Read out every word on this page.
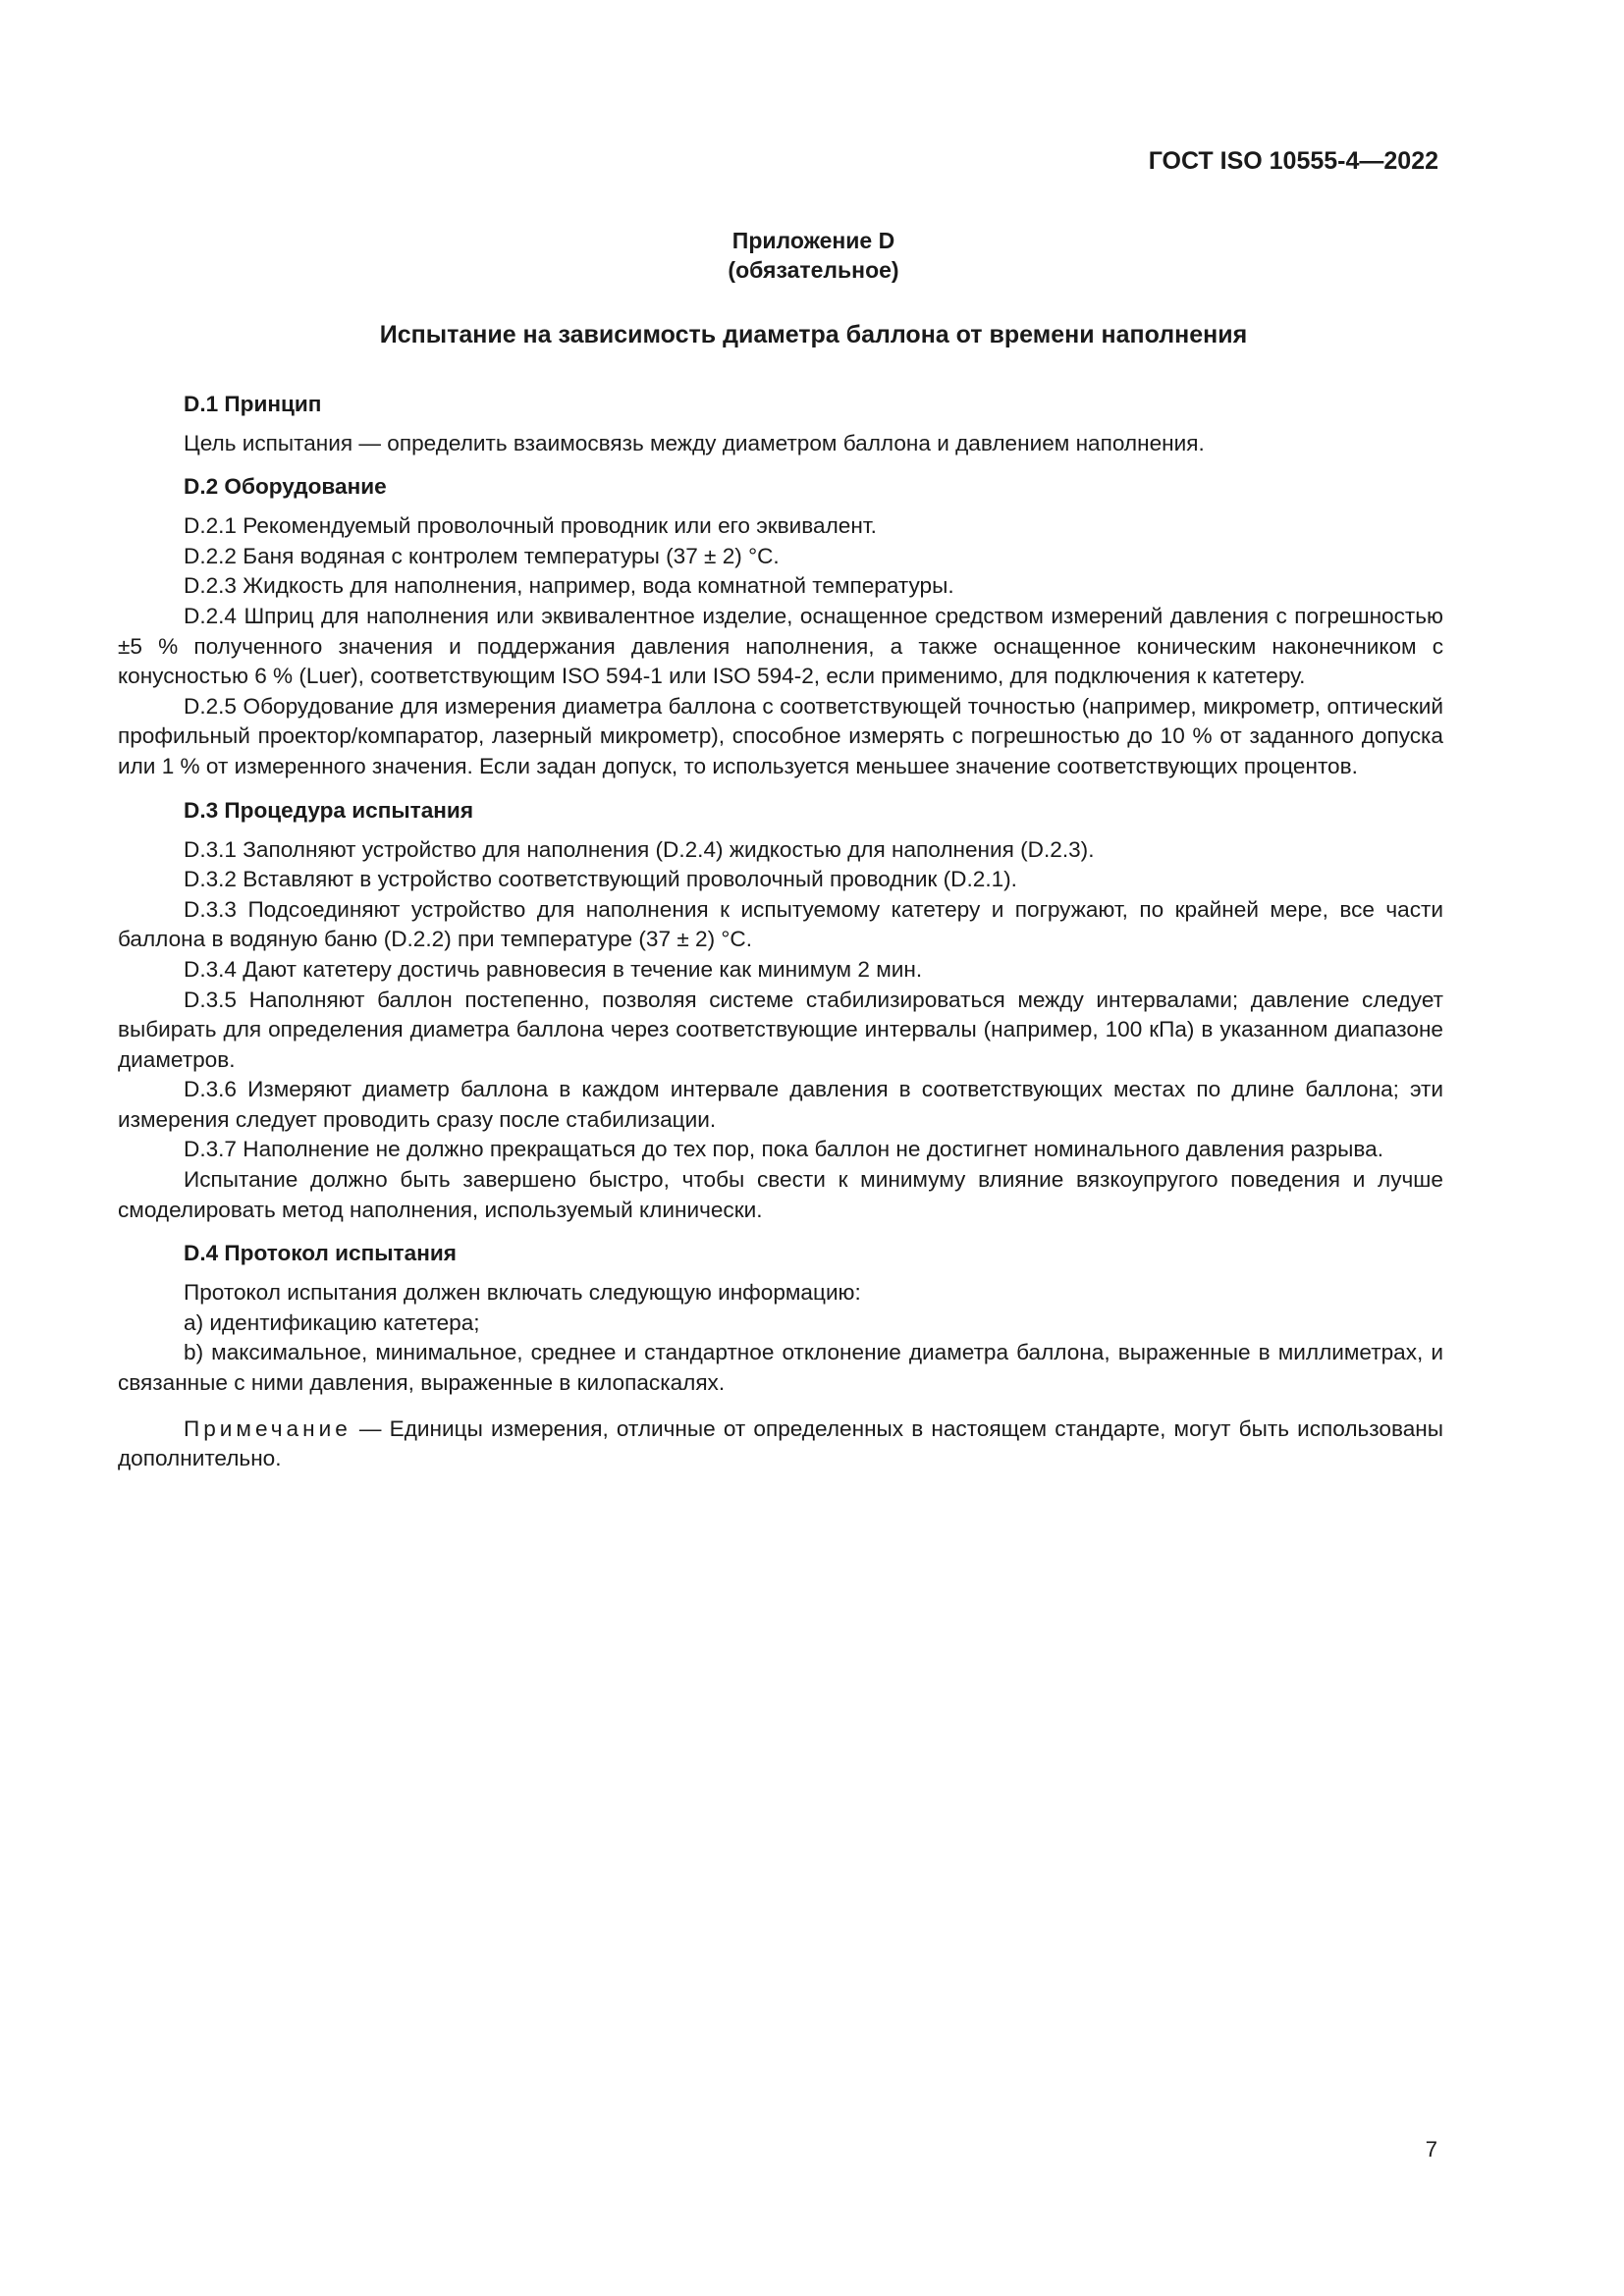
ГОСТ ISO 10555-4—2022

Приложение D

(обязательное)

Испытание на зависимость диаметра баллона от времени наполнения

D.1 Принцип

Цель испытания — определить взаимосвязь между диаметром баллона и давлением наполнения.

D.2 Оборудование

D.2.1 Рекомендуемый проволочный проводник или его эквивалент.

D.2.2 Баня водяная с контролем температуры (37 ± 2) °С.

D.2.3 Жидкость для наполнения, например, вода комнатной температуры.

D.2.4 Шприц для наполнения или эквивалентное изделие, оснащенное средством измерений давления с погрешностью ±5 % полученного значения и поддержания давления наполнения, а также оснащенное коническим наконечником с конусностью 6 % (Luer), соответствующим ISO 594-1 или ISO 594-2, если применимо, для подключения к катетеру.

D.2.5 Оборудование для измерения диаметра баллона с соответствующей точностью (например, микрометр, оптический профильный проектор/компаратор, лазерный микрометр), способное измерять с погрешностью до 10 % от заданного допуска или 1 % от измеренного значения. Если задан допуск, то используется меньшее значение соответствующих процентов.

D.3 Процедура испытания

D.3.1 Заполняют устройство для наполнения (D.2.4) жидкостью для наполнения (D.2.3).

D.3.2 Вставляют в устройство соответствующий проволочный проводник (D.2.1).

D.3.3 Подсоединяют устройство для наполнения к испытуемому катетеру и погружают, по крайней мере, все части баллона в водяную баню (D.2.2) при температуре (37 ± 2) °С.

D.3.4 Дают катетеру достичь равновесия в течение как минимум 2 мин.

D.3.5 Наполняют баллон постепенно, позволяя системе стабилизироваться между интервалами; давление следует выбирать для определения диаметра баллона через соответствующие интервалы (например, 100 кПа) в указанном диапазоне диаметров.

D.3.6 Измеряют диаметр баллона в каждом интервале давления в соответствующих местах по длине баллона; эти измерения следует проводить сразу после стабилизации.

D.3.7 Наполнение не должно прекращаться до тех пор, пока баллон не достигнет номинального давления разрыва.

Испытание должно быть завершено быстро, чтобы свести к минимуму влияние вязкоупругого поведения и лучше смоделировать метод наполнения, используемый клинически.

D.4 Протокол испытания

Протокол испытания должен включать следующую информацию:

a) идентификацию катетера;

b) максимальное, минимальное, среднее и стандартное отклонение диаметра баллона, выраженные в миллиметрах, и связанные с ними давления, выраженные в килопаскалях.

Примечание — Единицы измерения, отличные от определенных в настоящем стандарте, могут быть использованы дополнительно.

7
